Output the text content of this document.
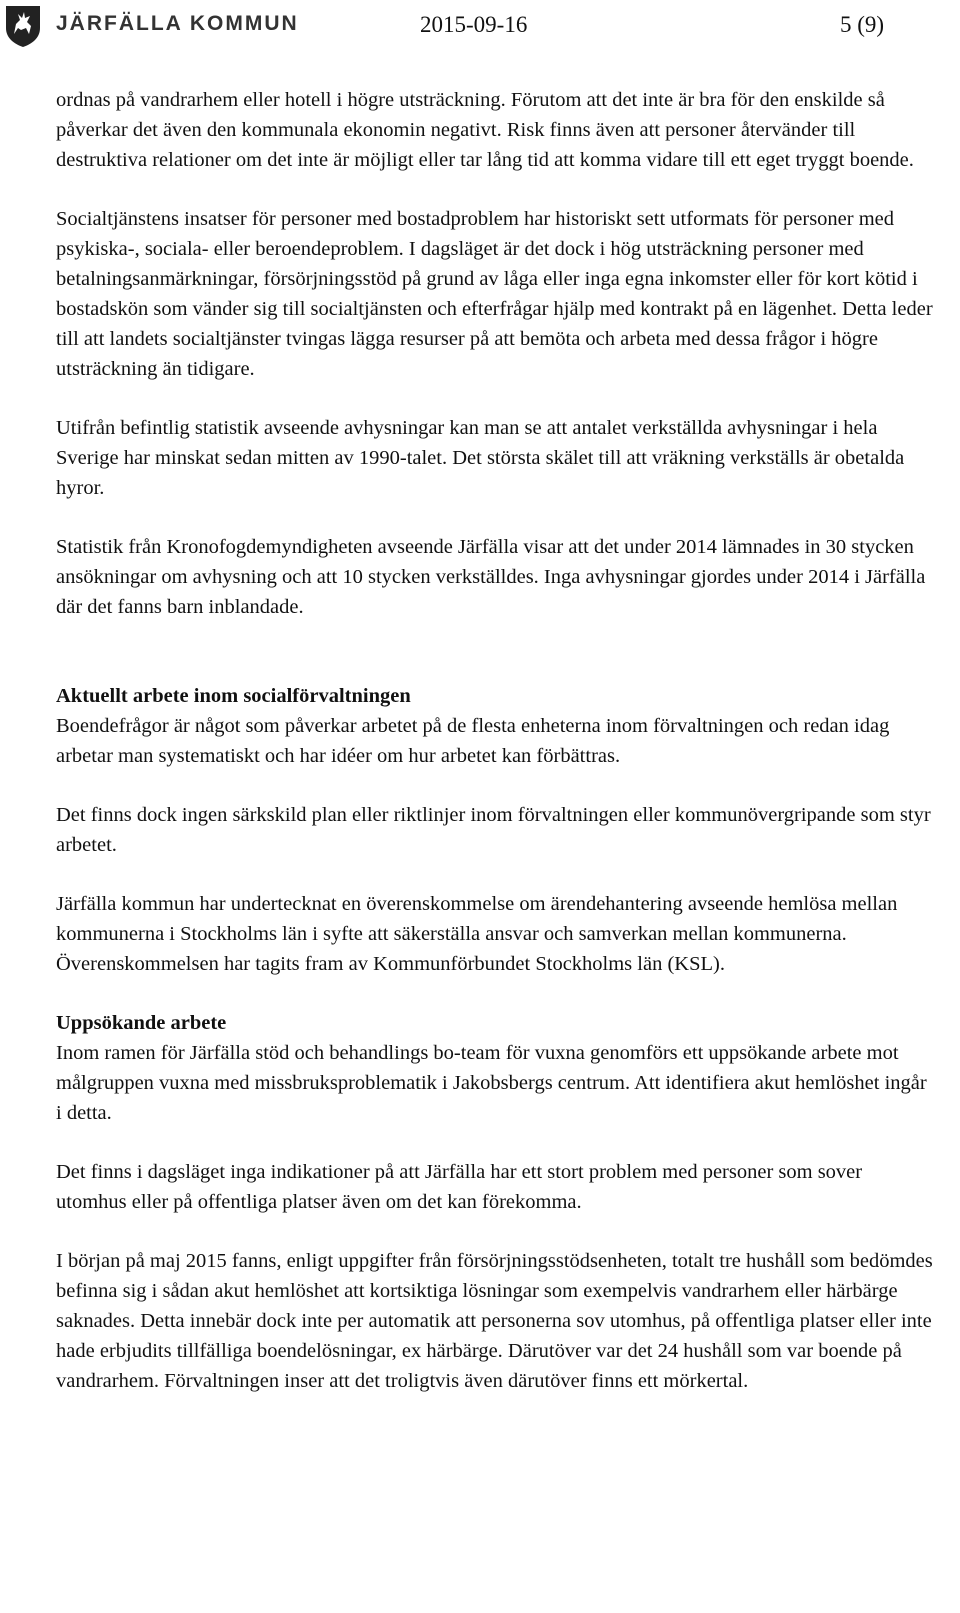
JÄRFÄLLA KOMMUN	2015-09-16	5 (9)

ordnas på vandrarhem eller hotell i högre utsträckning. Förutom att det inte är bra för den enskilde så påverkar det även den kommunala ekonomin negativt. Risk finns även att personer återvänder till destruktiva relationer om det inte är möjligt eller tar lång tid att komma vidare till ett eget tryggt boende.

Socialtjänstens insatser för personer med bostadproblem har historiskt sett utformats för personer med psykiska-, sociala- eller beroendeproblem. I dagsläget är det dock i hög utsträckning personer med betalningsanmärkningar, försörjningsstöd på grund av låga eller inga egna inkomster eller för kort kötid i bostadskön som vänder sig till socialtjänsten och efterfrågar hjälp med kontrakt på en lägenhet. Detta leder till att landets socialtjänster tvingas lägga resurser på att bemöta och arbeta med dessa frågor i högre utsträckning än tidigare.

Utifrån befintlig statistik avseende avhysningar kan man se att antalet verkställda avhysningar i hela Sverige har minskat sedan mitten av 1990-talet. Det största skälet till att vräkning verkställs är obetalda hyror.

Statistik från Kronofogdemyndigheten avseende Järfälla visar att det under 2014 lämnades in 30 stycken ansökningar om avhysning och att 10 stycken verkställdes. Inga avhysningar gjordes under 2014 i Järfälla där det fanns barn inblandade.

Aktuellt arbete inom socialförvaltningen

Boendefrågor är något som påverkar arbetet på de flesta enheterna inom förvaltningen och redan idag arbetar man systematiskt och har idéer om hur arbetet kan förbättras.

Det finns dock ingen särkskild plan eller riktlinjer inom förvaltningen eller kommunövergripande som styr arbetet.

Järfälla kommun har undertecknat en överenskommelse om ärendehantering avseende hemlösa mellan kommunerna i Stockholms län i syfte att säkerställa ansvar och samverkan mellan kommunerna. Överenskommelsen har tagits fram av Kommunförbundet Stockholms län (KSL).

Uppsökande arbete

Inom ramen för Järfälla stöd och behandlings bo-team för vuxna genomförs ett uppsökande arbete mot målgruppen vuxna med missbruksproblematik i Jakobsbergs centrum. Att identifiera akut hemlöshet ingår i detta.

Det finns i dagsläget inga indikationer på att Järfälla har ett stort problem med personer som sover utomhus eller på offentliga platser även om det kan förekomma.

I början på maj 2015 fanns, enligt uppgifter från försörjningsstödsenheten, totalt tre hushåll som bedömdes befinna sig i sådan akut hemlöshet att kortsiktiga lösningar som exempelvis vandrarhem eller härbärge saknades. Detta innebär dock inte per automatik att personerna sov utomhus, på offentliga platser eller inte hade erbjudits tillfälliga boendelösningar, ex härbärge. Därutöver var det 24 hushåll som var boende på vandrarhem. Förvaltningen inser att det troligtvis även därutöver finns ett mörkertal.
